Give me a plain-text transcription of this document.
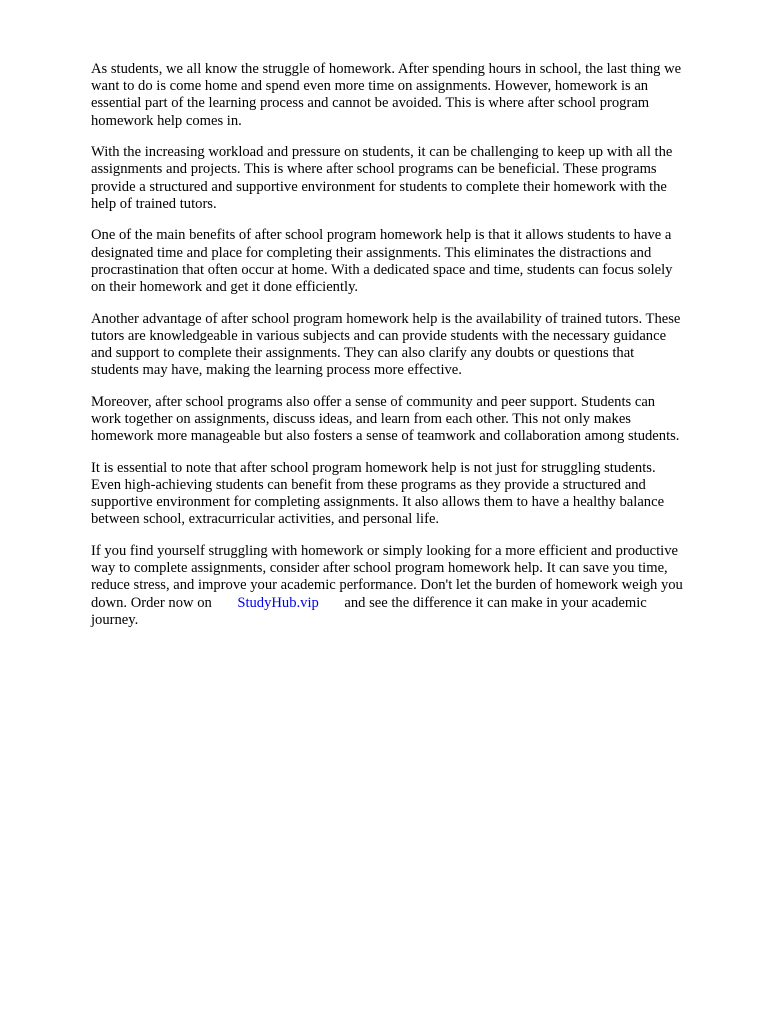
As students, we all know the struggle of homework. After spending hours in school, the last thing we
want to do is come home and spend even more time on assignments. However, homework is an
essential part of the learning process and cannot be avoided. This is where after school program
homework help comes in.

With the increasing workload and pressure on students, it can be challenging to keep up with all the
assignments and projects. This is where after school programs can be beneficial. These programs
provide a structured and supportive environment for students to complete their homework with the
help of trained tutors.

One of the main benefits of after school program homework help is that it allows students to have a
designated time and place for completing their assignments. This eliminates the distractions and
procrastination that often occur at home. With a dedicated space and time, students can focus solely
on their homework and get it done efficiently.

Another advantage of after school program homework help is the availability of trained tutors. These
tutors are knowledgeable in various subjects and can provide students with the necessary guidance
and support to complete their assignments. They can also clarify any doubts or questions that
students may have, making the learning process more effective.

Moreover, after school programs also offer a sense of community and peer support. Students can
work together on assignments, discuss ideas, and learn from each other. This not only makes
homework more manageable but also fosters a sense of teamwork and collaboration among students.

It is essential to note that after school program homework help is not just for struggling students.
Even high-achieving students can benefit from these programs as they provide a structured and
supportive environment for completing assignments. It also allows them to have a healthy balance
between school, extracurricular activities, and personal life.

If you find yourself struggling with homework or simply looking for a more efficient and productive
way to complete assignments, consider after school program homework help. It can save you time,
reduce stress, and improve your academic performance. Don't let the burden of homework weigh you
down. Order now on   StudyHub.vip   and see the difference it can make in your academic
journey.
